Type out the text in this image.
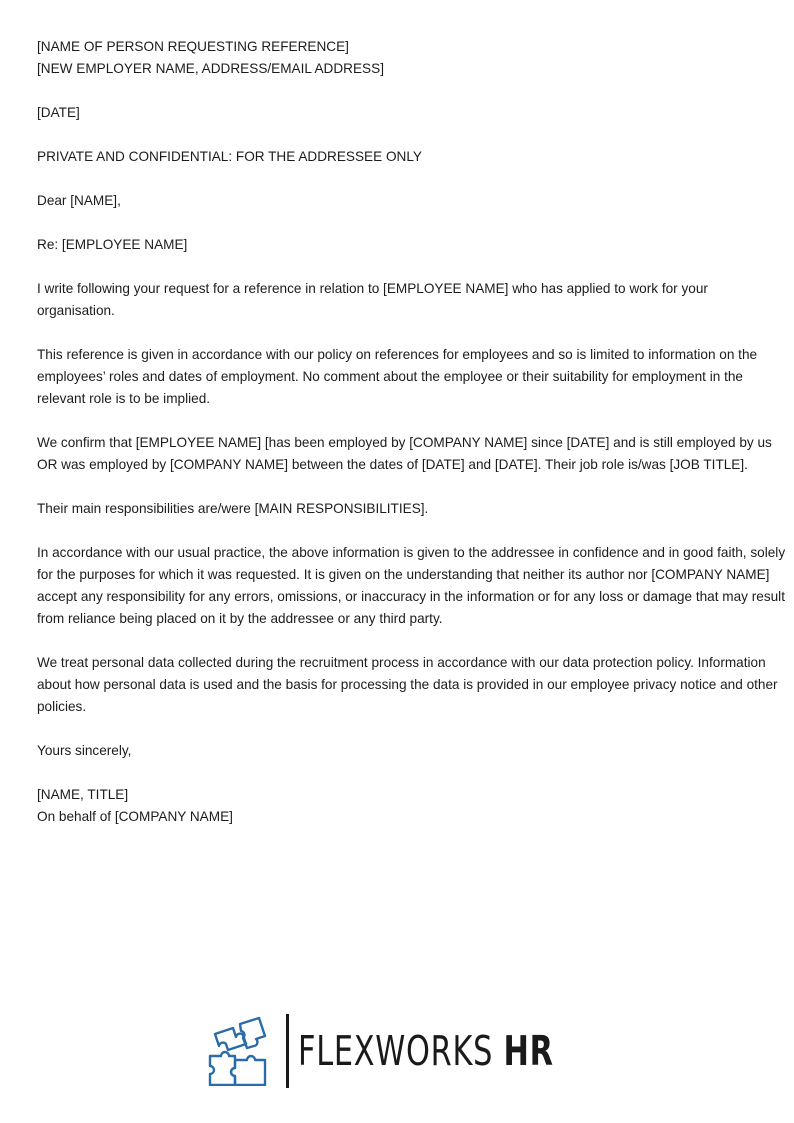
[NAME OF PERSON REQUESTING REFERENCE]

[NEW EMPLOYER NAME, ADDRESS/EMAIL ADDRESS]

[DATE]

PRIVATE AND CONFIDENTIAL: FOR THE ADDRESSEE ONLY

Dear [NAME],

Re: [EMPLOYEE NAME]

I write following your request for a reference in relation to [EMPLOYEE NAME] who has applied to work for your organisation.

This reference is given in accordance with our policy on references for employees and so is limited to information on the employees’ roles and dates of employment. No comment about the employee or their suitability for employment in the relevant role is to be implied.

We confirm that [EMPLOYEE NAME] [has been employed by [COMPANY NAME] since [DATE] and is still employed by us OR was employed by [COMPANY NAME] between the dates of [DATE] and [DATE]. Their job role is/was [JOB TITLE].

Their main responsibilities are/were [MAIN RESPONSIBILITIES].

In accordance with our usual practice, the above information is given to the addressee in confidence and in good faith, solely for the purposes for which it was requested. It is given on the understanding that neither its author nor [COMPANY NAME] accept any responsibility for any errors, omissions, or inaccuracy in the information or for any loss or damage that may result from reliance being placed on it by the addressee or any third party.

We treat personal data collected during the recruitment process in accordance with our data protection policy. Information about how personal data is used and the basis for processing the data is provided in our employee privacy notice and other policies.

Yours sincerely,

[NAME, TITLE]

On behalf of [COMPANY NAME]

FLEXWORKS HR
